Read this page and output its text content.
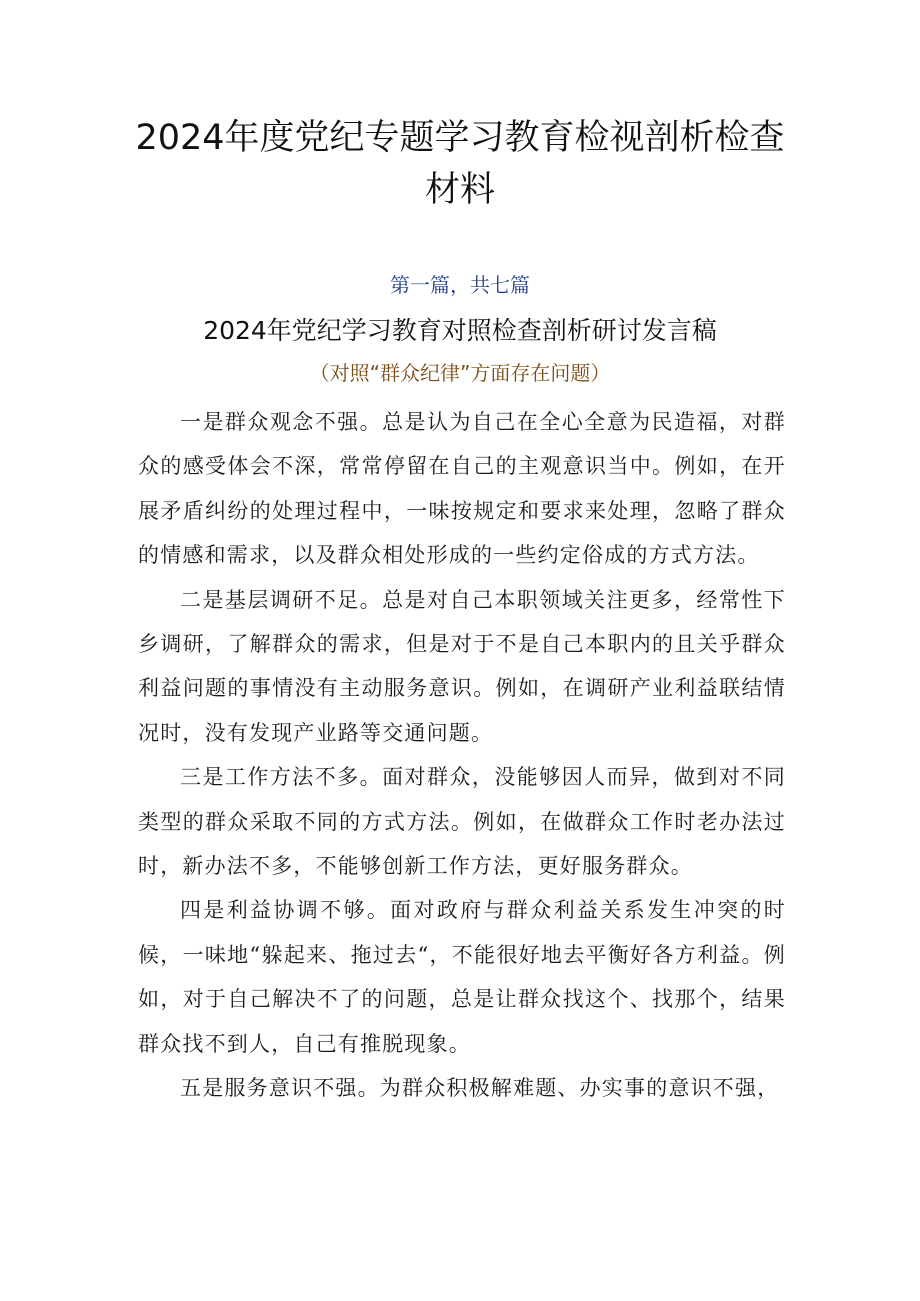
2024年度党纪专题学习教育检视剖析检查材料
第一篇，共七篇
2024年党纪学习教育对照检查剖析研讨发言稿
（对照“群众纪律”方面存在问题）

一是群众观念不强。总是认为自己在全心全意为民造福，对群众的感受体会不深，常常停留在自己的主观意识当中。例如，在开展矛盾纠纷的处理过程中，一味按规定和要求来处理，忽略了群众的情感和需求，以及群众相处形成的一些约定俗成的方式方法。

二是基层调研不足。总是对自己本职领域关注更多，经常性下乡调研，了解群众的需求，但是对于不是自己本职内的且关乎群众利益问题的事情没有主动服务意识。例如，在调研产业利益联结情况时，没有发现产业路等交通问题。

三是工作方法不多。面对群众，没能够因人而异，做到对不同类型的群众采取不同的方式方法。例如，在做群众工作时老办法过时，新办法不多，不能够创新工作方法，更好服务群众。

四是利益协调不够。面对政府与群众利益关系发生冲突的时候，一味地“躲起来、拖过去“，不能很好地去平衡好各方利益。例如，对于自己解决不了的问题，总是让群众找这个、找那个，结果群众找不到人，自己有推脱现象。

五是服务意识不强。为群众积极解难题、办实事的意识不强，
